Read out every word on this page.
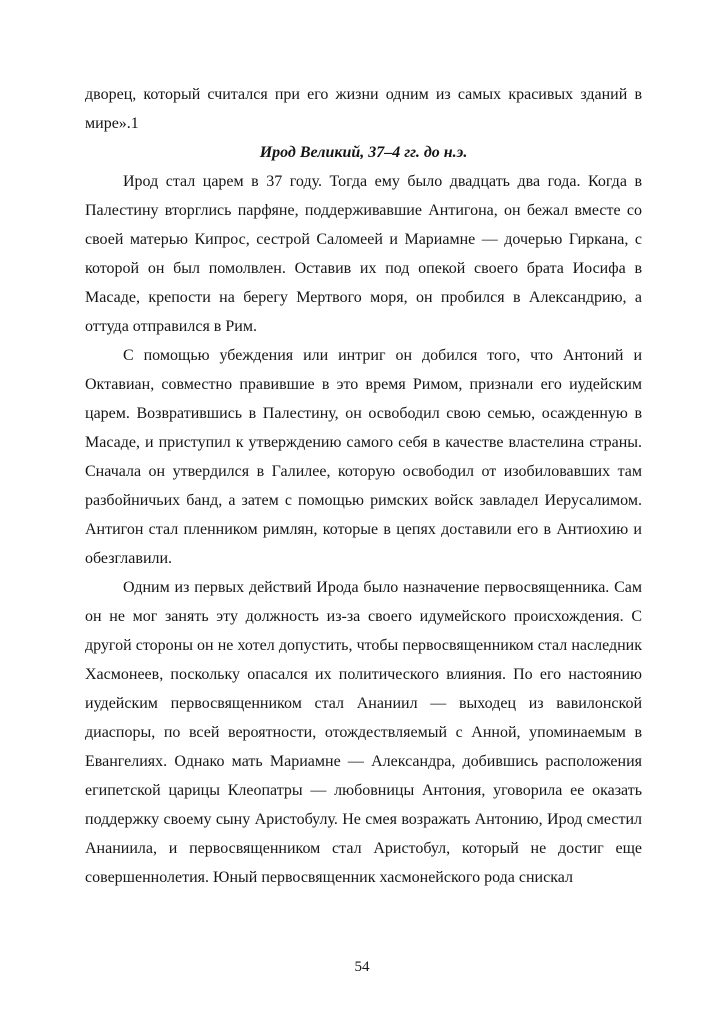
дворец, который считался при его жизни одним из самых красивых зданий в мире».1

Ирод Великий, 37–4 гг. до н.э.

Ирод стал царем в 37 году. Тогда ему было двадцать два года. Когда в Палестину вторглись парфяне, поддерживавшие Антигона, он бежал вместе со своей матерью Кипрос, сестрой Саломеей и Мариамне — дочерью Гиркана, с которой он был помолвлен. Оставив их под опекой своего брата Иосифа в Масаде, крепости на берегу Мертвого моря, он пробился в Александрию, а оттуда отправился в Рим.

С помощью убеждения или интриг он добился того, что Антоний и Октавиан, совместно правившие в это время Римом, признали его иудейским царем. Возвратившись в Палестину, он освободил свою семью, осажденную в Масаде, и приступил к утверждению самого себя в качестве властелина страны. Сначала он утвердился в Галилее, которую освободил от изобиловавших там разбойничьих банд, а затем с помощью римских войск завладел Иерусалимом. Антигон стал пленником римлян, которые в цепях доставили его в Антиохию и обезглавили.

Одним из первых действий Ирода было назначение первосвященника. Сам он не мог занять эту должность из-за своего идумейского происхождения. С другой стороны он не хотел допустить, чтобы первосвященником стал наследник Хасмонеев, поскольку опасался их политического влияния. По его настоянию иудейским первосвященником стал Ананиил — выходец из вавилонской диаспоры, по всей вероятности, отождествляемый с Анной, упоминаемым в Евангелиях. Однако мать Мариамне — Александра, добившись расположения египетской царицы Клеопатры — любовницы Антония, уговорила ее оказать поддержку своему сыну Аристобулу. Не смея возражать Антонию, Ирод сместил Ананиила, и первосвященником стал Аристобул, который не достиг еще совершеннолетия. Юный первосвященник хасмонейского рода снискал

54
